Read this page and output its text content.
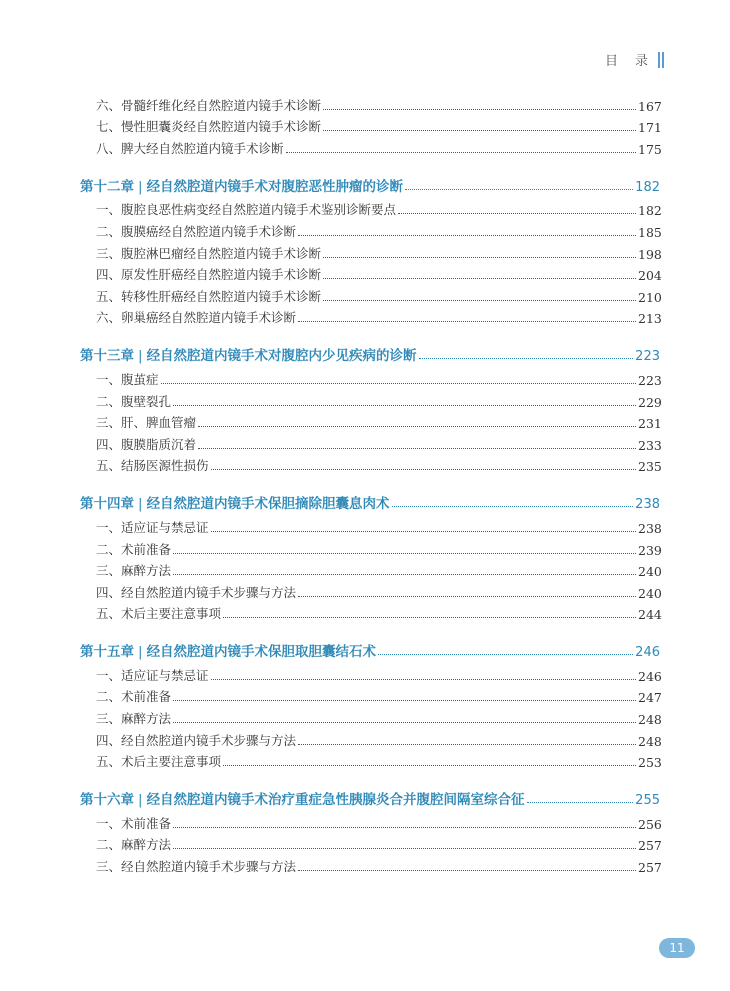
目　录
六、骨髓纤维化经自然腔道内镜手术诊断	167
七、慢性胆囊炎经自然腔道内镜手术诊断	171
八、脾大经自然腔道内镜手术诊断	175
第十二章 | 经自然腔道内镜手术对腹腔恶性肿瘤的诊断	182
一、腹腔良恶性病变经自然腔道内镜手术鉴别诊断要点	182
二、腹膜癌经自然腔道内镜手术诊断	185
三、腹腔淋巴瘤经自然腔道内镜手术诊断	198
四、原发性肝癌经自然腔道内镜手术诊断	204
五、转移性肝癌经自然腔道内镜手术诊断	210
六、卵巢癌经自然腔道内镜手术诊断	213
第十三章 | 经自然腔道内镜手术对腹腔内少见疾病的诊断	223
一、腹茧症	223
二、腹壁裂孔	229
三、肝、脾血管瘤	231
四、腹膜脂质沉着	233
五、结肠医源性损伤	235
第十四章 | 经自然腔道内镜手术保胆摘除胆囊息肉术	238
一、适应证与禁忌证	238
二、术前准备	239
三、麻醉方法	240
四、经自然腔道内镜手术步骤与方法	240
五、术后主要注意事项	244
第十五章 | 经自然腔道内镜手术保胆取胆囊结石术	246
一、适应证与禁忌证	246
二、术前准备	247
三、麻醉方法	248
四、经自然腔道内镜手术步骤与方法	248
五、术后主要注意事项	253
第十六章 | 经自然腔道内镜手术治疗重症急性胰腺炎合并腹腔间隔室综合征	255
一、术前准备	256
二、麻醉方法	257
三、经自然腔道内镜手术步骤与方法	257
11
